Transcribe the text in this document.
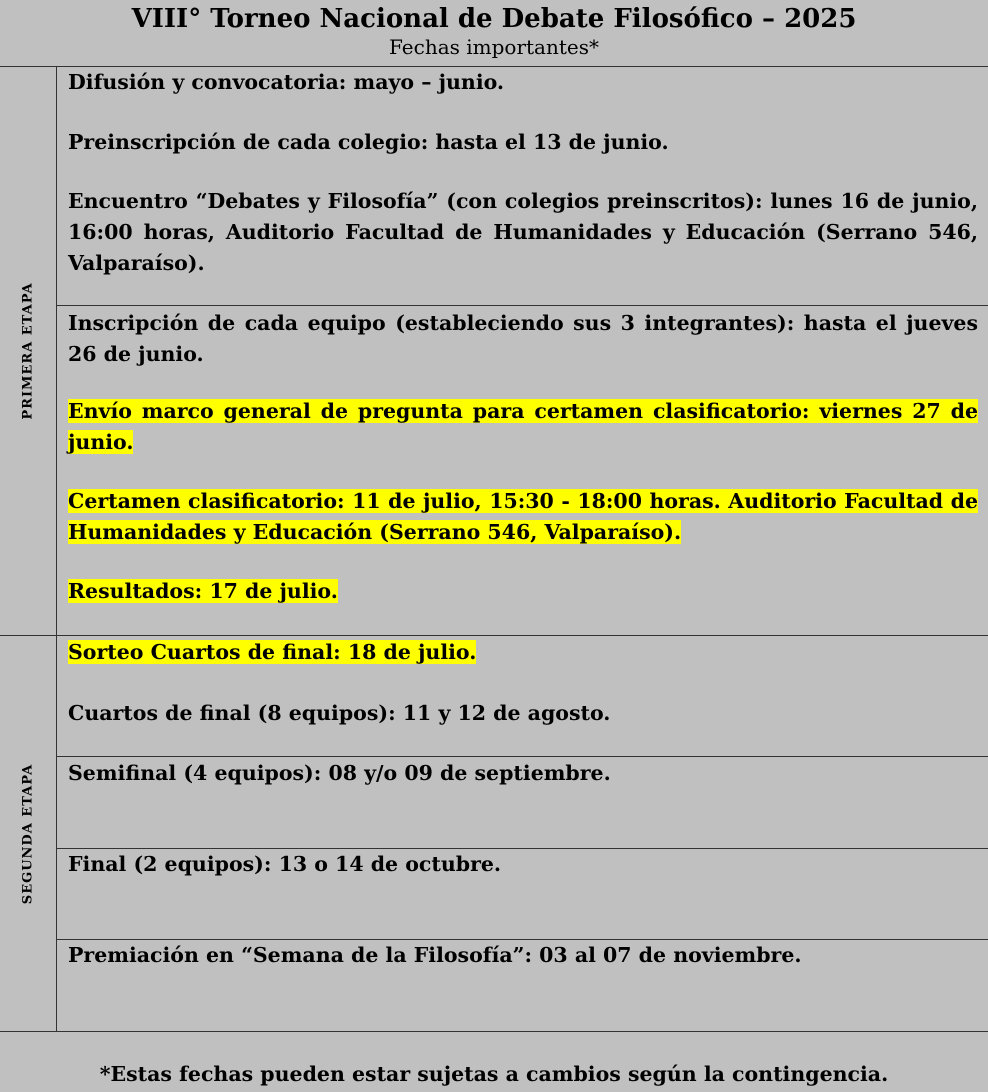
VIII° Torneo Nacional de Debate Filosófico – 2025
Fechas importantes*
PRIMERA ETAPA
SEGUNDA ETAPA

Difusión y convocatoria: mayo – junio.

Preinscripción de cada colegio: hasta el 13 de junio.

Encuentro “Debates y Filosofía” (con colegios preinscritos): lunes 16 de junio, 16:00 horas, Auditorio Facultad de Humanidades y Educación (Serrano 546, Valparaíso).

Inscripción de cada equipo (estableciendo sus 3 integrantes): hasta el jueves 26 de junio.

Envío marco general de pregunta para certamen clasificatorio: viernes 27 de junio.

Certamen clasificatorio: 11 de julio, 15:30 - 18:00 horas. Auditorio Facultad de Humanidades y Educación (Serrano 546, Valparaíso).

Resultados: 17 de julio.

Sorteo Cuartos de final: 18 de julio.

Cuartos de final (8 equipos): 11 y 12 de agosto.

Semifinal (4 equipos): 08 y/o 09 de septiembre.

Final (2 equipos): 13 o 14 de octubre.

Premiación en “Semana de la Filosofía”: 03 al 07 de noviembre.

*Estas fechas pueden estar sujetas a cambios según la contingencia.
